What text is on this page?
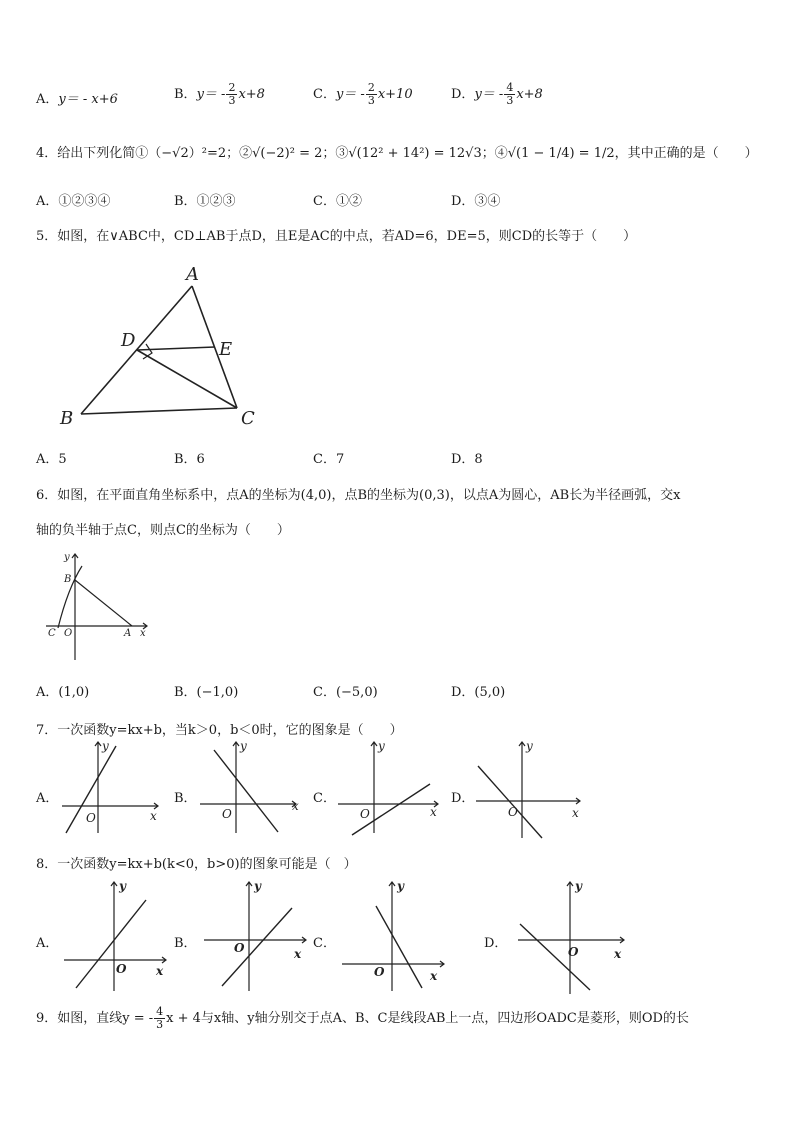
A．y＝ - x+6	B．$y= - \frac{2}{3} x+8$	C．$y= - \frac{2}{3} x+10$	D．$y= - \frac{4}{3} x+8$
4．给出下列化简①（−√2）²=2；②√(−2)² = 2；③√(12² + 14²) = 12√3；④√(1 − 1/4) = 1/2，其中正确的是（　　）
A．①②③④	B．①②③	C．①②	D．③④
5．如图，在∨ABC中，CD⊥AB于点D，且E是AC的中点，若AD=6，DE=5，则CD的长等于（　　）
A
D	E
B	C
A．5	B．6	C．7	D．8
6．如图，在平面直角坐标系中，点A的坐标为(4,0)，点B的坐标为(0,3)，以点A为圆心，AB长为半径画弧，交x
轴的负半轴于点C，则点C的坐标为（　　）
y
B
C O	A x
A．(1,0)	B．(−1,0)	C．(−5,0)	D．(5,0)
7．一次函数y=kx+b，当k＞0，b＜0时，它的图象是（　　）
A．	B．	C．	D．
y
x
O
y
x
O
y
x
O
y
x
O
8．一次函数y=kx+b(k<0，b>0)的图象可能是（　）
A．	B．	C．	D．
y
x
O
y
x
O
y
x
O
y
x
O
9．如图，直线y = - $\frac{4}{3}$ x + 4与x轴、y轴分别交于点A、B、C是线段AB上一点，四边形OADC是菱形，则OD的长
